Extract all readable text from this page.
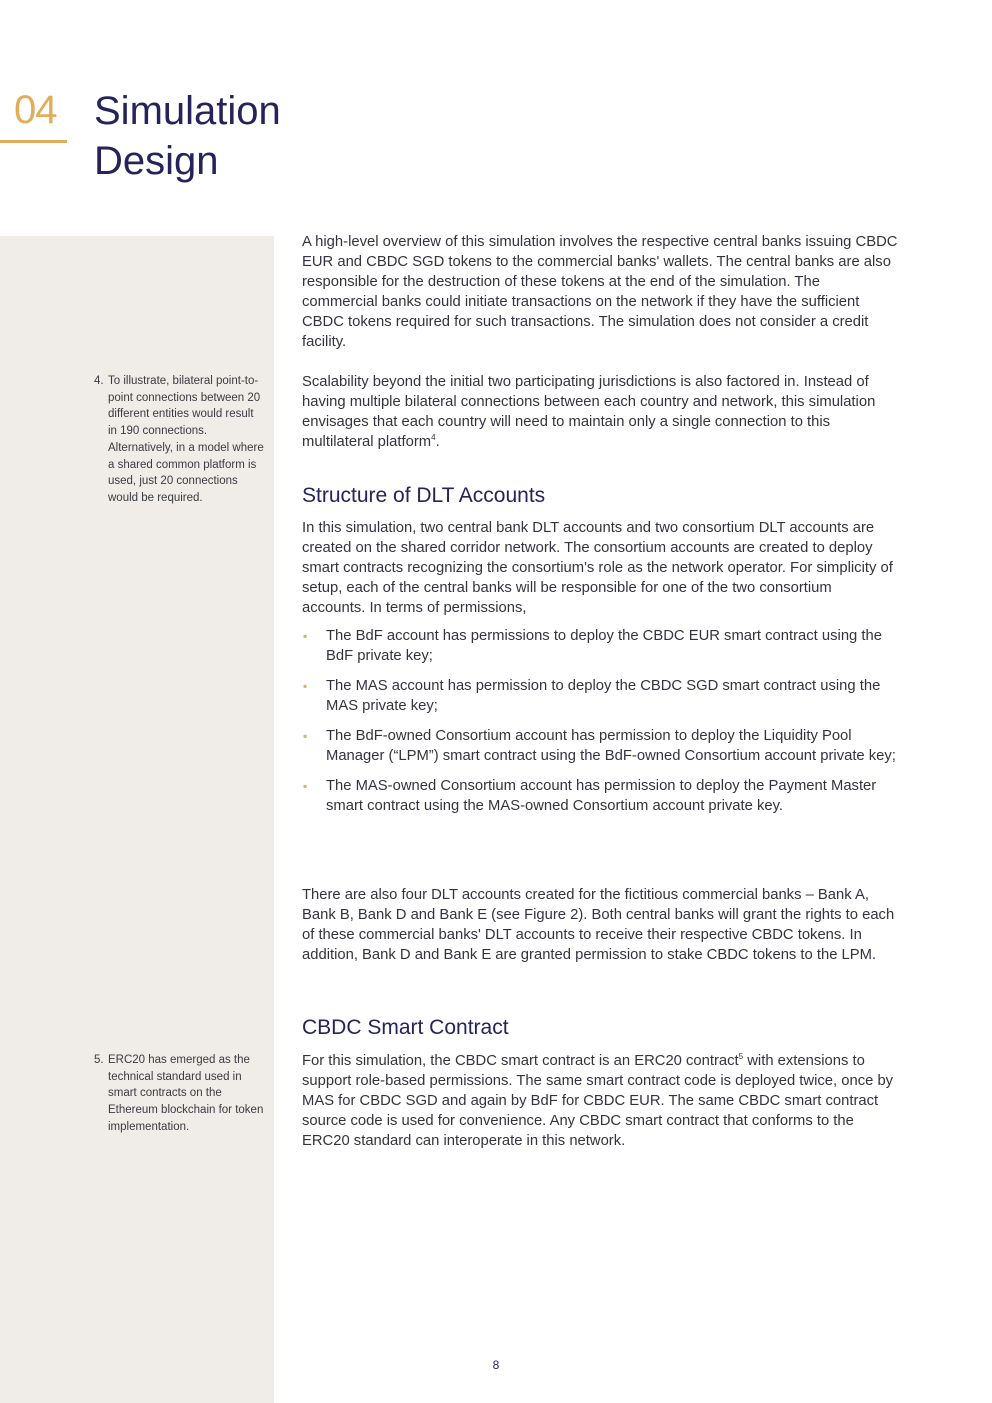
04 Simulation
Design
4. To illustrate, bilateral point-to-point connections between 20 different entities would result in 190 connections. Alternatively, in a model where a shared common platform is used, just 20 connections would be required.
5. ERC20 has emerged as the technical standard used in smart contracts on the Ethereum blockchain for token implementation.

A high-level overview of this simulation involves the respective central banks issuing CBDC EUR and CBDC SGD tokens to the commercial banks' wallets. The central banks are also responsible for the destruction of these tokens at the end of the simulation. The commercial banks could initiate transactions on the network if they have the sufficient CBDC tokens required for such transactions. The simulation does not consider a credit facility.

Scalability beyond the initial two participating jurisdictions is also factored in. Instead of having multiple bilateral connections between each country and network, this simulation envisages that each country will need to maintain only a single connection to this multilateral platform$^4$.

Structure of DLT Accounts

In this simulation, two central bank DLT accounts and two consortium DLT accounts are created on the shared corridor network. The consortium accounts are created to deploy smart contracts recognizing the consortium's role as the network operator. For simplicity of setup, each of the central banks will be responsible for one of the two consortium accounts. In terms of permissions,

▪ The BdF account has permissions to deploy the CBDC EUR smart contract using the BdF private key;
▪ The MAS account has permission to deploy the CBDC SGD smart contract using the MAS private key;
▪ The BdF-owned Consortium account has permission to deploy the Liquidity Pool Manager (“LPM”) smart contract using the BdF-owned Consortium account private key;
▪ The MAS-owned Consortium account has permission to deploy the Payment Master smart contract using the MAS-owned Consortium account private key.

There are also four DLT accounts created for the fictitious commercial banks – Bank A, Bank B, Bank D and Bank E (see Figure 2). Both central banks will grant the rights to each of these commercial banks' DLT accounts to receive their respective CBDC tokens. In addition, Bank D and Bank E are granted permission to stake CBDC tokens to the LPM.

CBDC Smart Contract

For this simulation, the CBDC smart contract is an ERC20 contract$^5$ with extensions to support role-based permissions. The same smart contract code is deployed twice, once by MAS for CBDC SGD and again by BdF for CBDC EUR. The same CBDC smart contract source code is used for convenience. Any CBDC smart contract that conforms to the ERC20 standard can interoperate in this network.

8
